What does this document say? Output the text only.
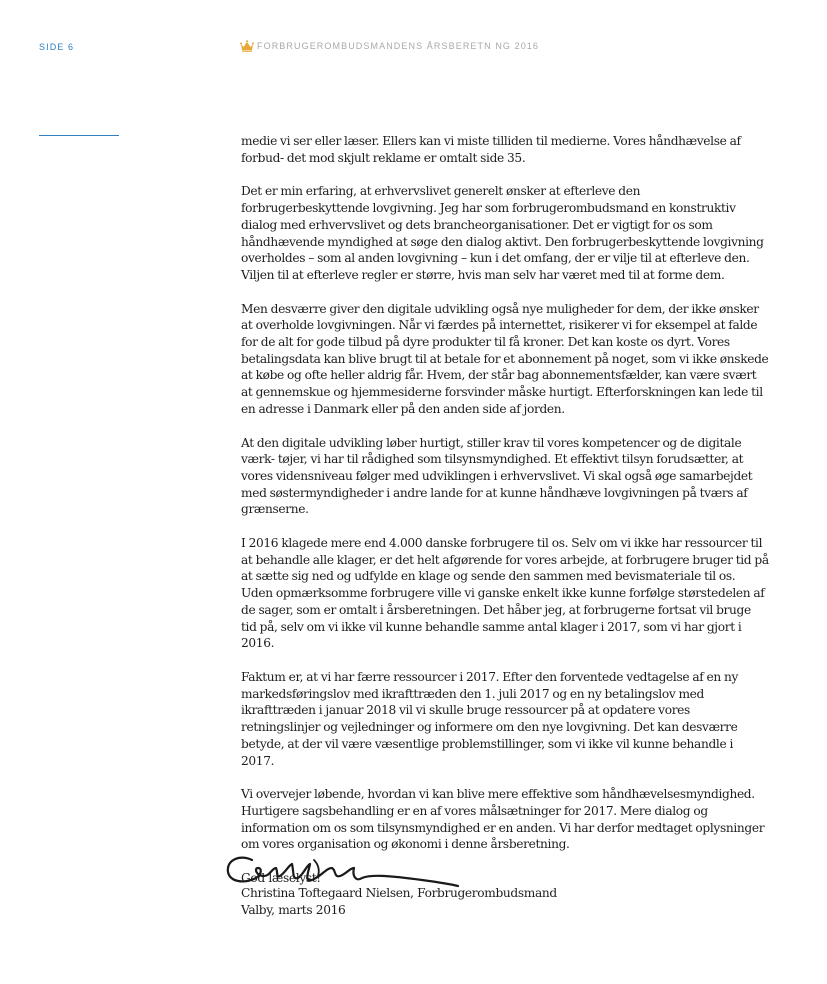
SIDE 6	FORBRUGEROMBUDSMANDENS ÅRSBERETN NG 2016

medie vi ser eller læser. Ellers kan vi miste tilliden til medierne. Vores håndhævelse af forbud- det mod skjult reklame er omtalt side 35.

Det er min erfaring, at erhvervslivet generelt ønsker at efterleve den forbrugerbeskyttende lovgivning. Jeg har som forbrugerombudsmand en konstruktiv dialog med erhvervslivet og dets brancheorganisationer. Det er vigtigt for os som håndhævende myndighed at søge den dialog aktivt. Den forbrugerbeskyttende lovgivning overholdes – som al anden lovgivning – kun i det omfang, der er vilje til at efterleve den. Viljen til at efterleve regler er større, hvis man selv har været med til at forme dem.

Men desværre giver den digitale udvikling også nye muligheder for dem, der ikke ønsker at overholde lovgivningen. Når vi færdes på internettet, risikerer vi for eksempel at falde for de alt for gode tilbud på dyre produkter til få kroner. Det kan koste os dyrt. Vores betalingsdata kan blive brugt til at betale for et abonnement på noget, som vi ikke ønskede at købe og ofte heller aldrig får. Hvem, der står bag abonnementsfælder, kan være svært at gennemskue og hjemmesiderne forsvinder måske hurtigt. Efterforskningen kan lede til en adresse i Danmark eller på den anden side af jorden.

At den digitale udvikling løber hurtigt, stiller krav til vores kompetencer og de digitale værk- tøjer, vi har til rådighed som tilsynsmyndighed. Et effektivt tilsyn forudsætter, at vores vidensniveau følger med udviklingen i erhvervslivet. Vi skal også øge samarbejdet med søstermyndigheder i andre lande for at kunne håndhæve lovgivningen på tværs af grænserne.

I 2016 klagede mere end 4.000 danske forbrugere til os. Selv om vi ikke har ressourcer til at behandle alle klager, er det helt afgørende for vores arbejde, at forbrugere bruger tid på at sætte sig ned og udfylde en klage og sende den sammen med bevismateriale til os. Uden opmærksomme forbrugere ville vi ganske enkelt ikke kunne forfølge størstedelen af de sager, som er omtalt i årsberetningen. Det håber jeg, at forbrugerne fortsat vil bruge tid på, selv om vi ikke vil kunne behandle samme antal klager i 2017, som vi har gjort i 2016.

Faktum er, at vi har færre ressourcer i 2017. Efter den forventede vedtagelse af en ny markedsføringslov med ikrafttræden den 1. juli 2017 og en ny betalingslov med ikrafttræden i januar 2018 vil vi skulle bruge ressourcer på at opdatere vores retningslinjer og vejledninger og informere om den nye lovgivning. Det kan desværre betyde, at der vil være væsentlige problemstillinger, som vi ikke vil kunne behandle i 2017.

Vi overvejer løbende, hvordan vi kan blive mere effektive som håndhævelsesmyndighed. Hurtigere sagsbehandling er en af vores målsætninger for 2017. Mere dialog og information om os som tilsynsmyndighed er en anden. Vi har derfor medtaget oplysninger om vores organisation og økonomi i denne årsberetning.

God læselyst!

Christina Toftegaard Nielsen, Forbrugerombudsmand

Valby, marts 2016
